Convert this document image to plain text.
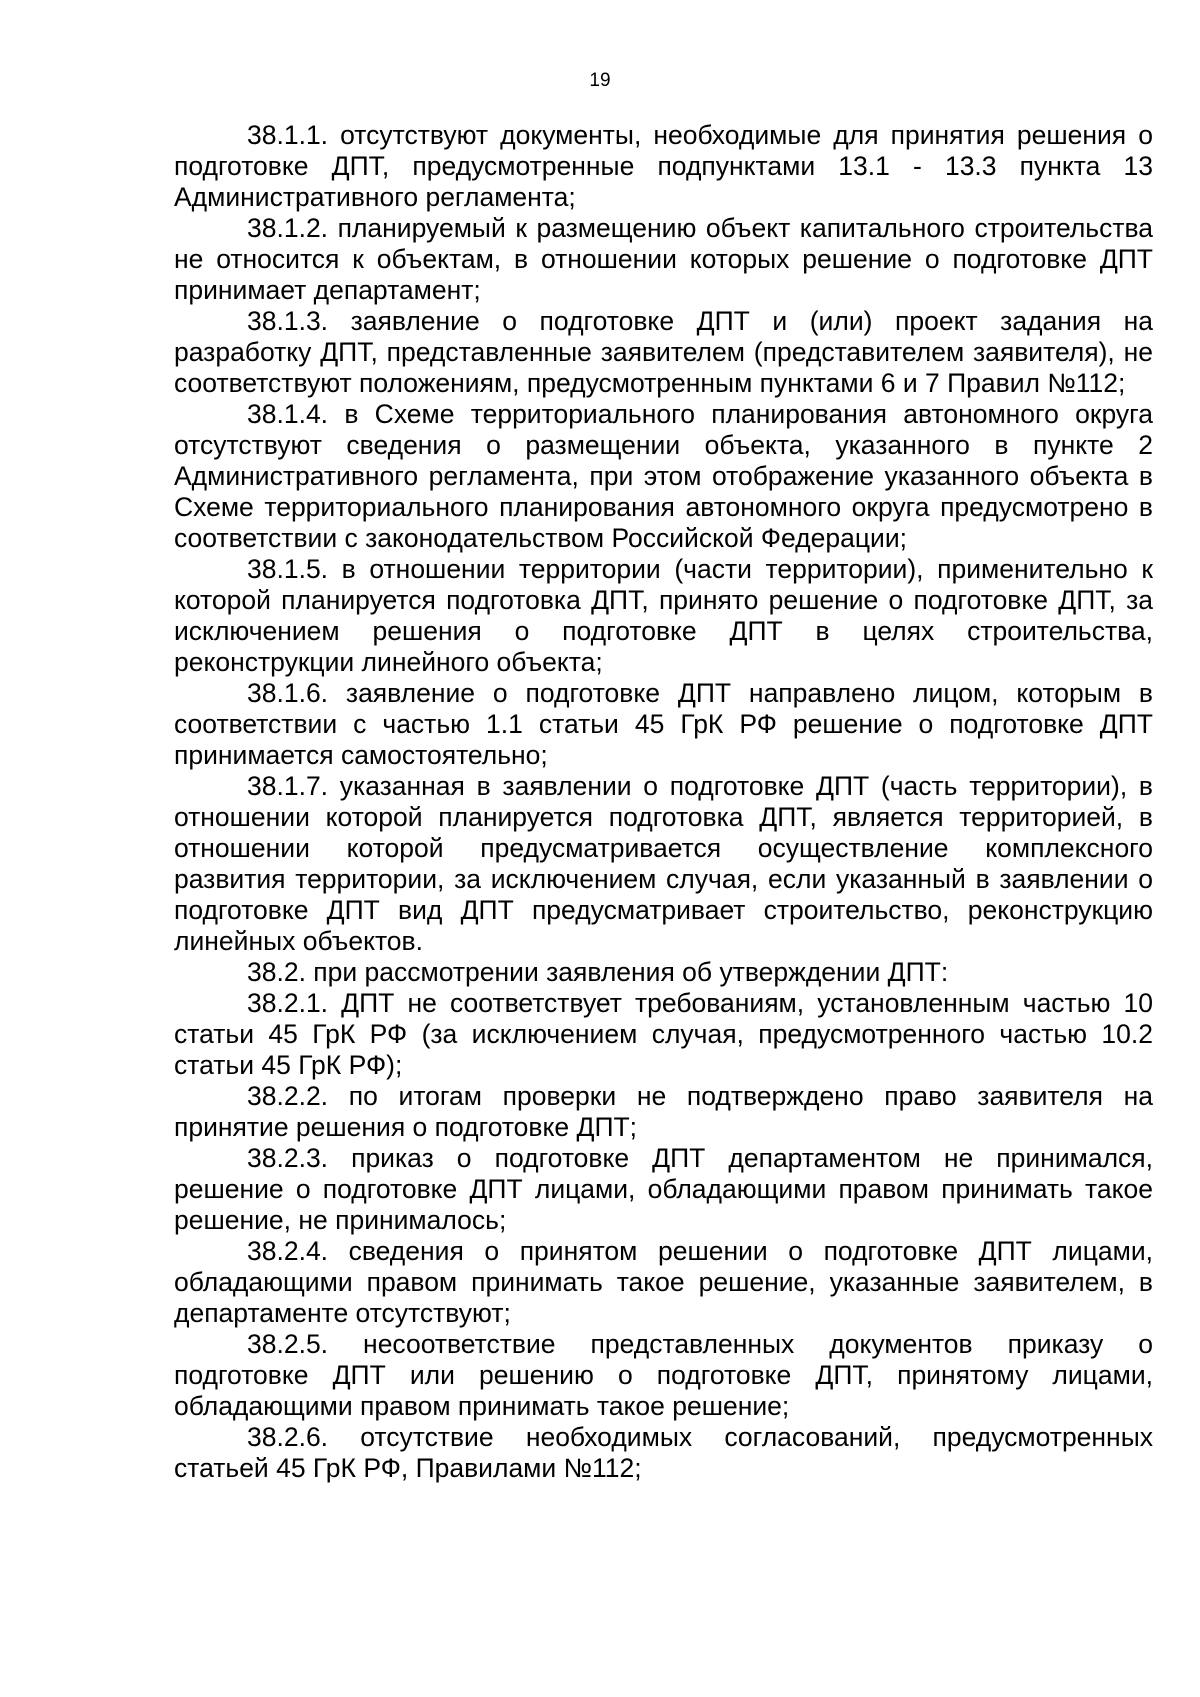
19

38.1.1. отсутствуют документы, необходимые для принятия решения о подготовке ДПТ, предусмотренные подпунктами 13.1 - 13.3 пункта 13 Административного регламента;

38.1.2. планируемый к размещению объект капитального строительства не относится к объектам, в отношении которых решение о подготовке ДПТ принимает департамент;

38.1.3. заявление о подготовке ДПТ и (или) проект задания на разработку ДПТ, представленные заявителем (представителем заявителя), не соответствуют положениям, предусмотренным пунктами 6 и 7 Правил №112;

38.1.4. в Схеме территориального планирования автономного округа отсутствуют сведения о размещении объекта, указанного в пункте 2 Административного регламента, при этом отображение указанного объекта в Схеме территориального планирования автономного округа предусмотрено в соответствии с законодательством Российской Федерации;

38.1.5. в отношении территории (части территории), применительно к которой планируется подготовка ДПТ, принято решение о подготовке ДПТ, за исключением решения о подготовке ДПТ в целях строительства, реконструкции линейного объекта;

38.1.6. заявление о подготовке ДПТ направлено лицом, которым в соответствии с частью 1.1 статьи 45 ГрК РФ решение о подготовке ДПТ принимается самостоятельно;

38.1.7. указанная в заявлении о подготовке ДПТ (часть территории), в отношении которой планируется подготовка ДПТ, является территорией, в отношении которой предусматривается осуществление комплексного развития территории, за исключением случая, если указанный в заявлении о подготовке ДПТ вид ДПТ предусматривает строительство, реконструкцию линейных объектов.

38.2. при рассмотрении заявления об утверждении ДПТ:

38.2.1. ДПТ не соответствует требованиям, установленным частью 10 статьи 45 ГрК РФ (за исключением случая, предусмотренного частью 10.2 статьи 45 ГрК РФ);

38.2.2. по итогам проверки не подтверждено право заявителя на принятие решения о подготовке ДПТ;

38.2.3. приказ о подготовке ДПТ департаментом не принимался, решение о подготовке ДПТ лицами, обладающими правом принимать такое решение, не принималось;

38.2.4. сведения о принятом решении о подготовке ДПТ лицами, обладающими правом принимать такое решение, указанные заявителем, в департаменте отсутствуют;

38.2.5. несоответствие представленных документов приказу о подготовке ДПТ или решению о подготовке ДПТ, принятому лицами, обладающими правом принимать такое решение;

38.2.6. отсутствие необходимых согласований, предусмотренных статьей 45 ГрК РФ, Правилами №112;
